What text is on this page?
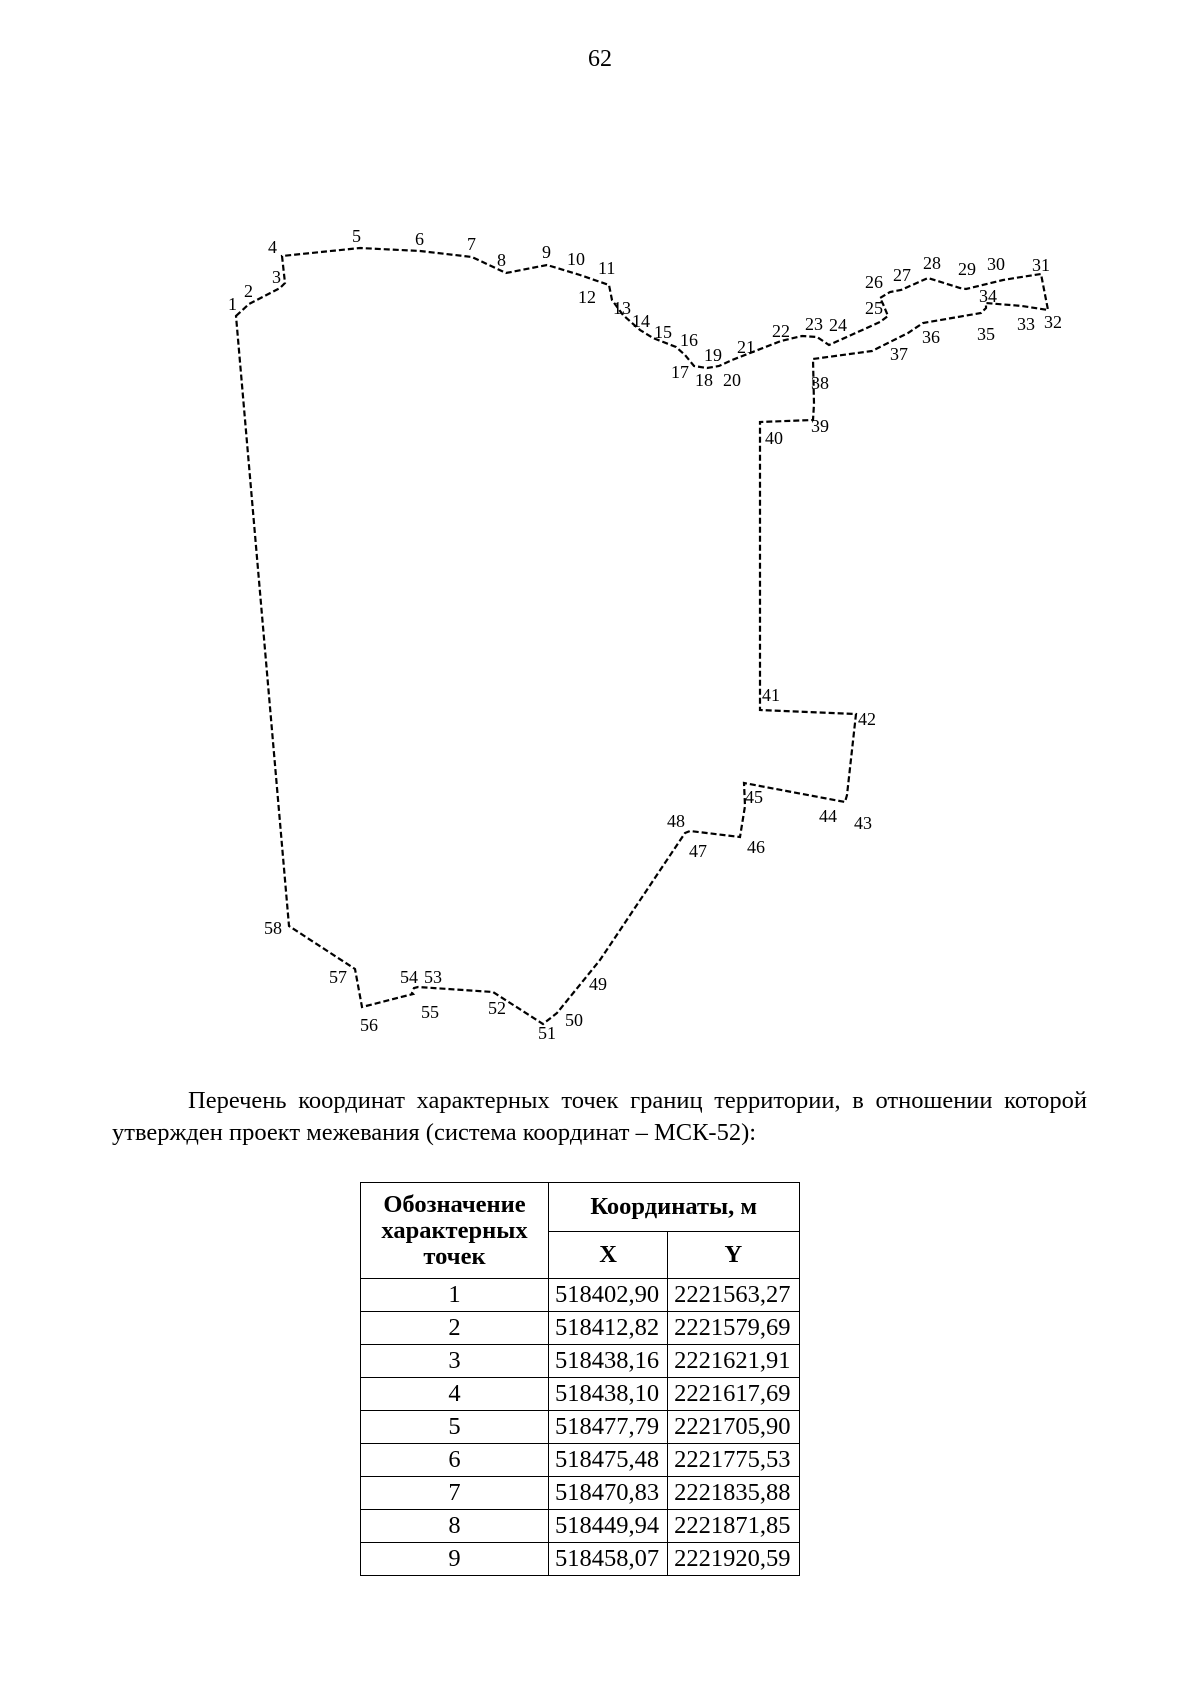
62
1
2
3
4
5	6 7
8 9 10 11
12
13
14
15 16
17 18
19
20
21
22 23 24
25
26 27
28 29 30 31
32
33
34
35
36
37
38
39
40
41
42
43
44
45
46
47
48
49
50
51
52
53
54
55
56
57
58
Перечень координат характерных точек границ территории, в отношении которой утвержден проект межевания (система координат – МСК-52):
Обозначение характерных точек	Координаты, м	
	X	Y
1	518402,90	2221563,27
2	518412,82	2221579,69
3	518438,16	2221621,91
4	518438,10	2221617,69
5	518477,79	2221705,90
6	518475,48	2221775,53
7	518470,83	2221835,88
8	518449,94	2221871,85
9	518458,07	2221920,59
